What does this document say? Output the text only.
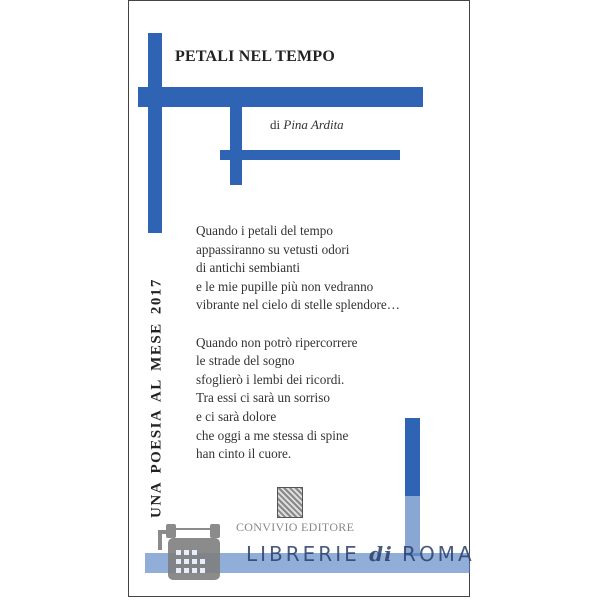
PETALI NEL TEMPO
di Pina Ardita
UNA POESIA AL MESE 2017
Quando i petali del tempo
appassiranno su vetusti odori
di antichi sembianti
e le mie pupille più non vedranno
vibrante nel cielo di stelle splendore…
Quando non potrò ripercorrere
le strade del sogno
sfoglierò i lembi dei ricordi.
Tra essi ci sarà un sorriso
e ci sarà dolore
che oggi a me stessa di spine
han cinto il cuore.
CONVIVIO EDITORE
LIBRERIE di ROMA
